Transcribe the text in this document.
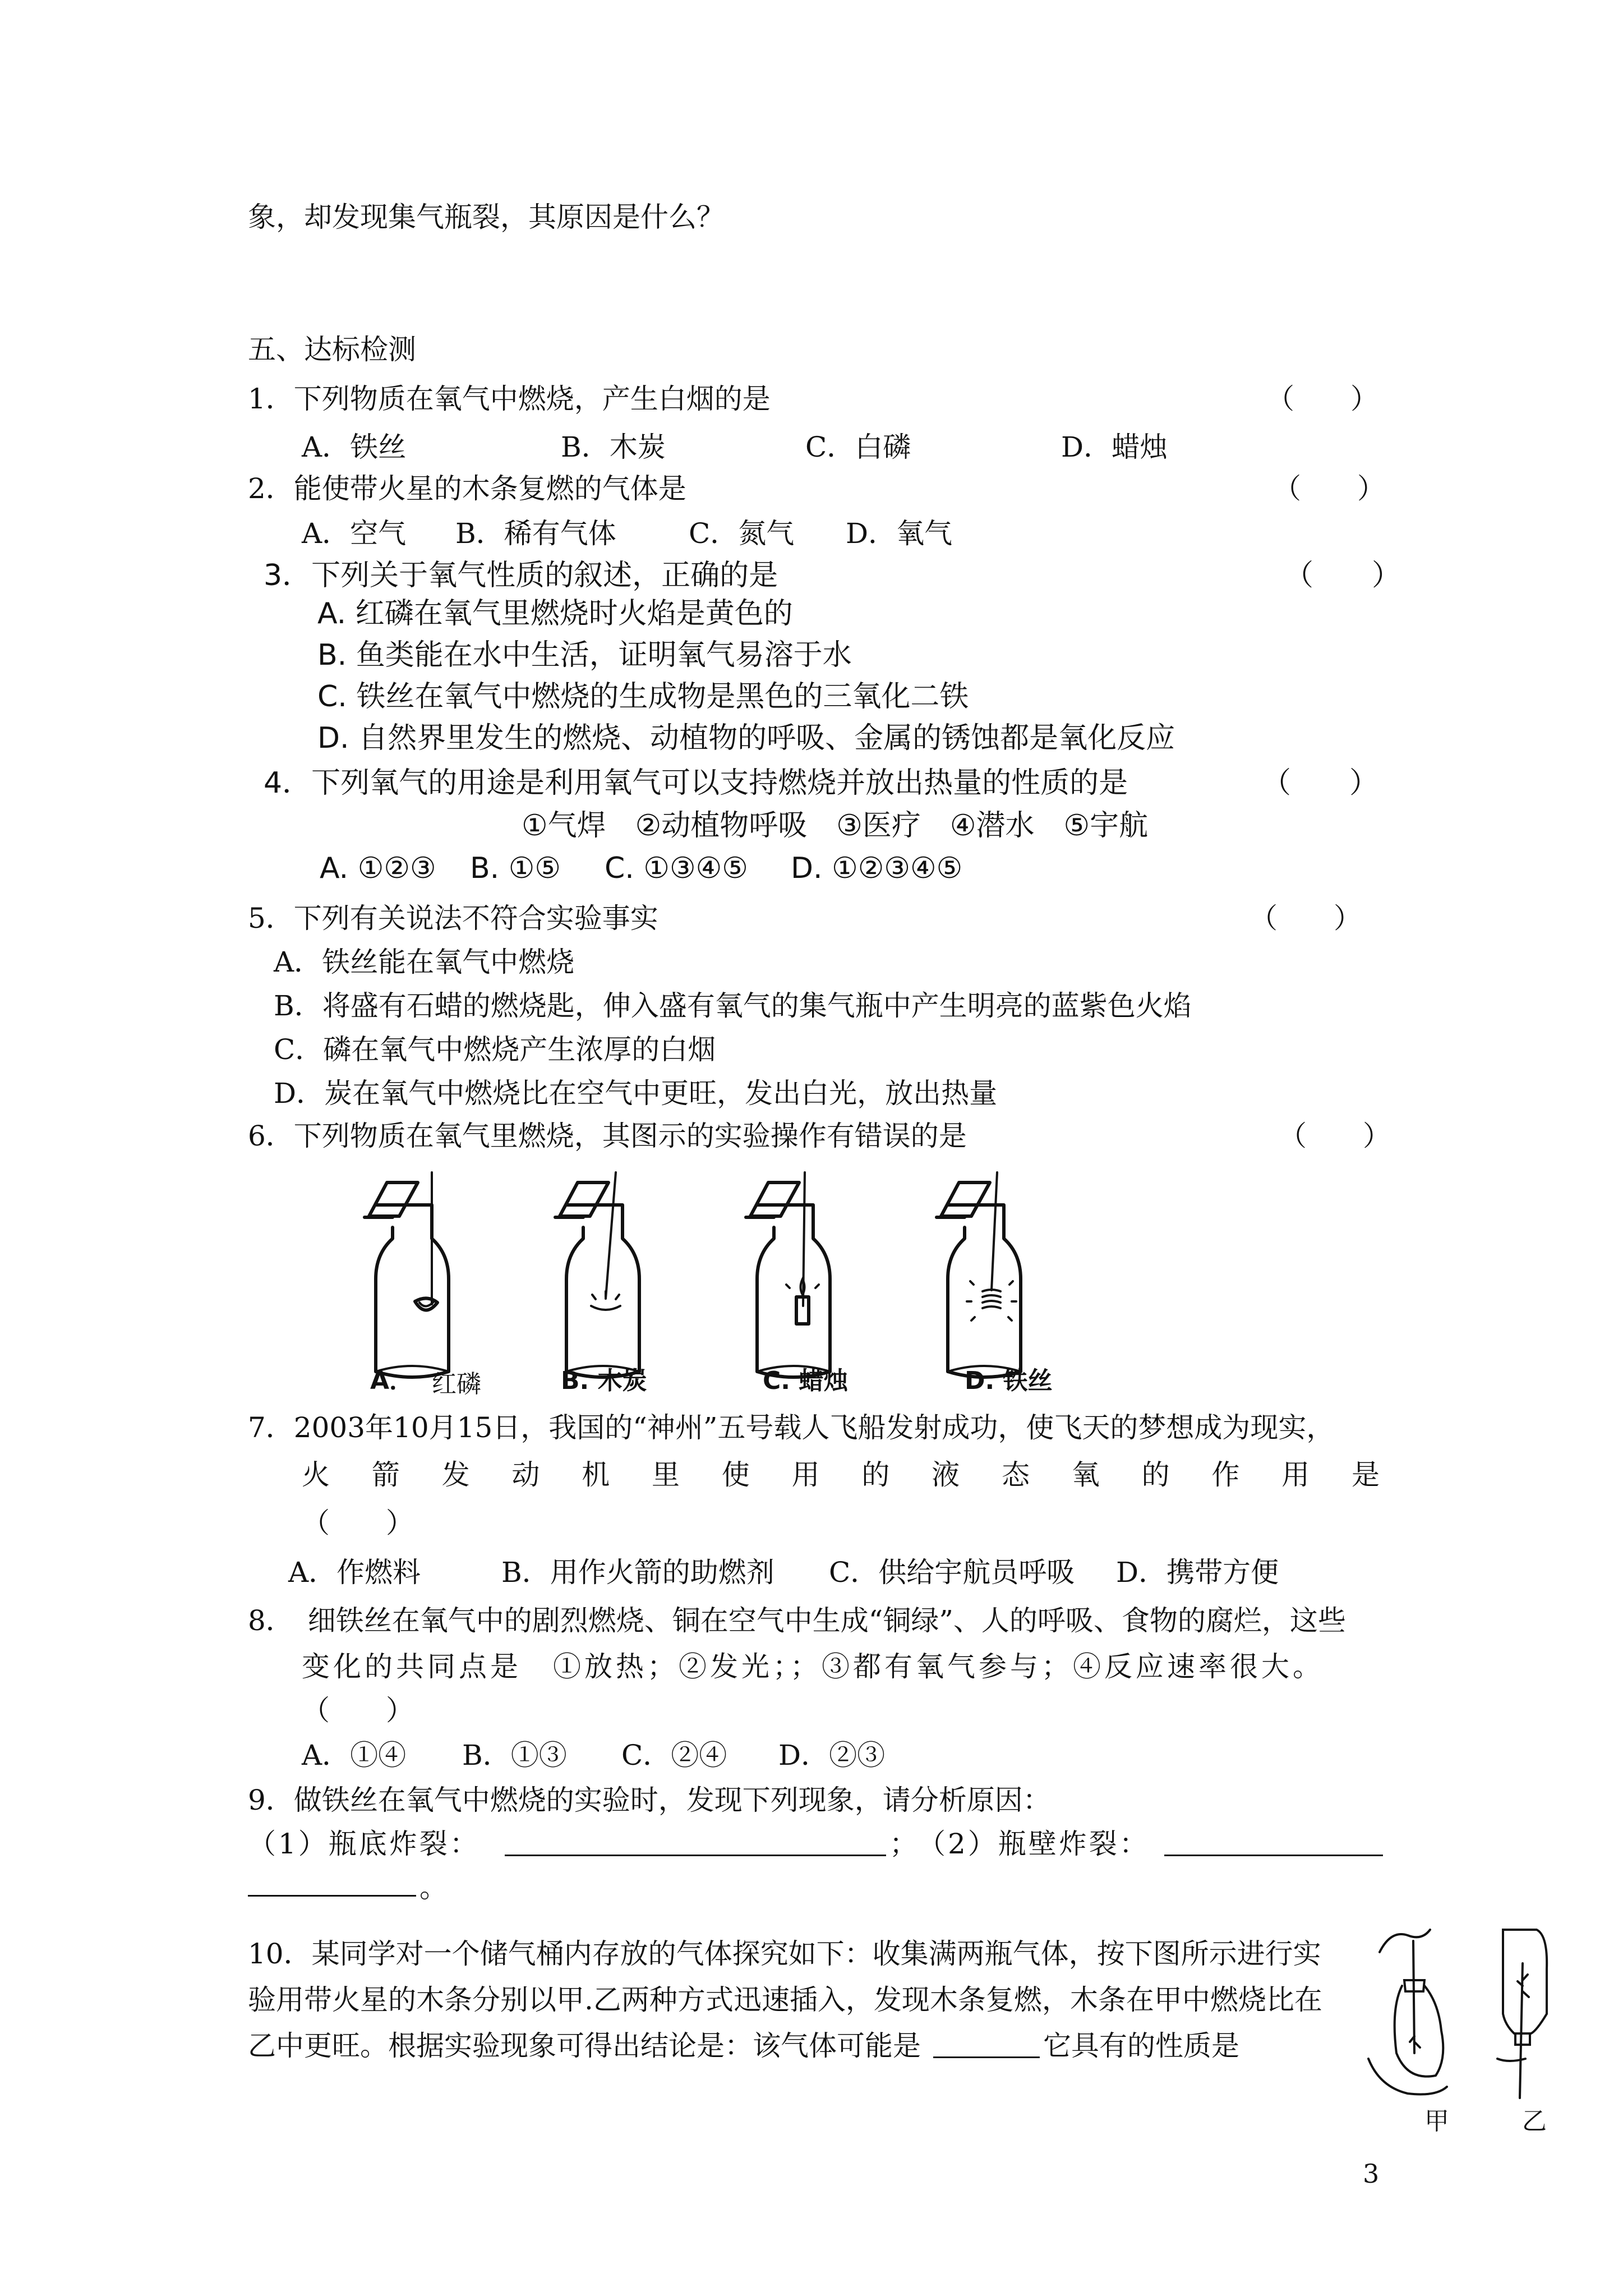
象，却发现集气瓶裂，其原因是什么？
五、达标检测
1．下列物质在氧气中燃烧，产生白烟的是	（　　）
A．铁丝	B．木炭	C．白磷	D．蜡烛
2．能使带火星的木条复燃的气体是	（　　）
A．空气 B．稀有气体	C．氮气 D．氧气
3．下列关于氧气性质的叙述，正确的是	（　　）
A. 红磷在氧气里燃烧时火焰是黄色的
B. 鱼类能在水中生活，证明氧气易溶于水
C. 铁丝在氧气中燃烧的生成物是黑色的三氧化二铁
D. 自然界里发生的燃烧、动植物的呼吸、金属的锈蚀都是氧化反应
4．下列氧气的用途是利用氧气可以支持燃烧并放出热量的性质的是	（　　）
①气焊　②动植物呼吸　③医疗　④潜水　⑤宇航
A. ①②③ B. ①⑤ C. ①③④⑤ D. ①②③④⑤
5．下列有关说法不符合实验事实	（　　）
A．铁丝能在氧气中燃烧
B．将盛有石蜡的燃烧匙，伸入盛有氧气的集气瓶中产生明亮的蓝紫色火焰
C．磷在氧气中燃烧产生浓厚的白烟
D．炭在氧气中燃烧比在空气中更旺，发出白光，放出热量
6．下列物质在氧气里燃烧，其图示的实验操作有错误的是	（　　）
A． 红磷	B. 木炭	C. 蜡烛	D. 铁丝
7．2003年10月15日，我国的“神州”五号载人飞船发射成功，使飞天的梦想成为现实，
火 箭 发 动 机 里 使 用 的 液 态 氧 的 作 用 是
（　　）
A．作燃料	B．用作火箭的助燃剂 C．供给宇航员呼吸 D．携带方便
8．　细铁丝在氧气中的剧烈燃烧、铜在空气中生成“铜绿”、人的呼吸、食物的腐烂，这些
变化的共同点是　①放热；②发光；；③都有氧气参与；④反应速率很大。
（　　）
A．①④ B．①③ C．②④ D．②③
9．做铁丝在氧气中燃烧的实验时，发现下列现象，请分析原因：
（1）瓶底炸裂：	； （2）瓶壁炸裂：
。
10．某同学对一个储气桶内存放的气体探究如下：收集满两瓶气体，按下图所示进行实
验用带火星的木条分别以甲.乙两种方式迅速插入，发现木条复燃，木条在甲中燃烧比在
乙中更旺。根据实验现象可得出结论是：该气体可能是	它具有的性质是
甲	乙
3
